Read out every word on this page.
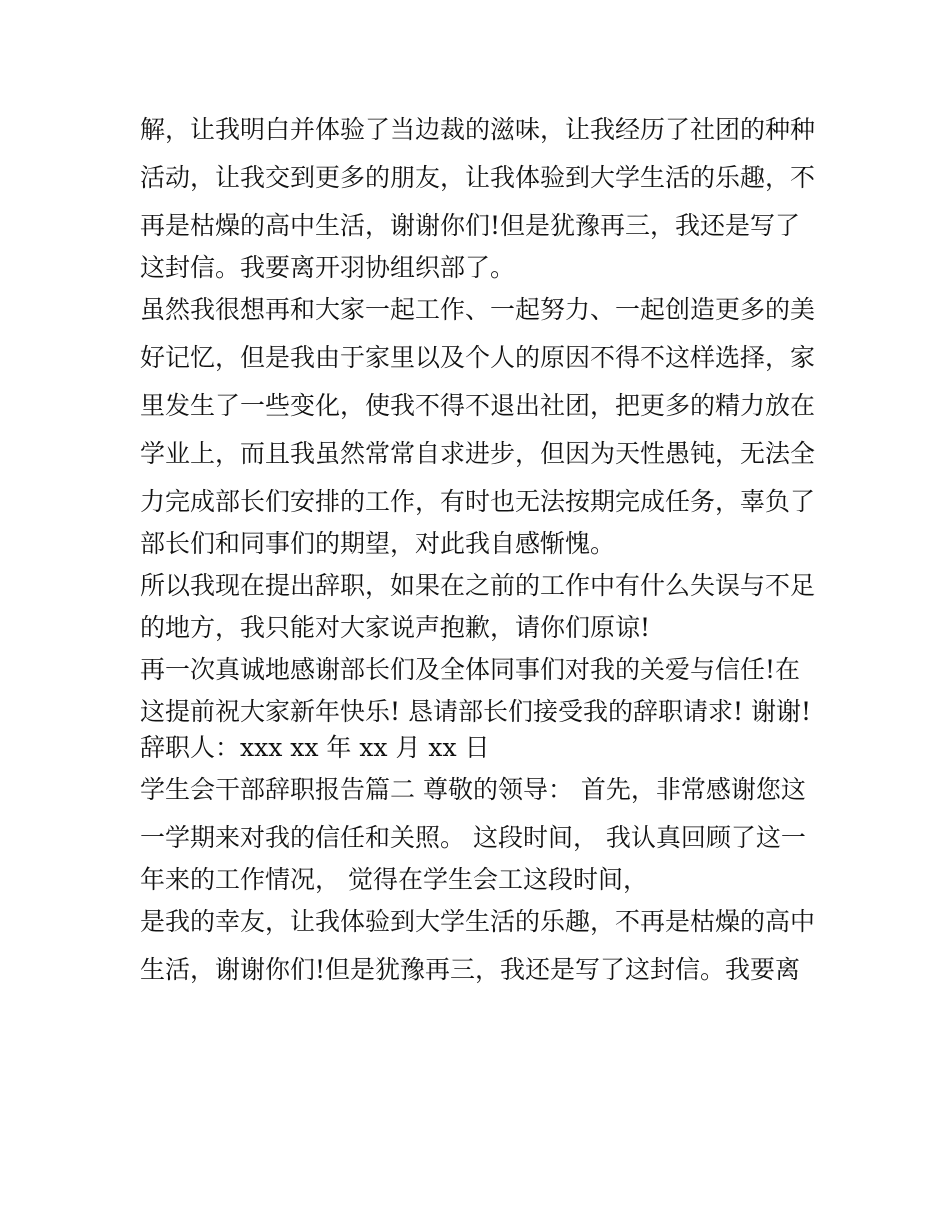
解，让我明白并体验了当边裁的滋味，让我经历了社团的种种
活动，让我交到更多的朋友，让我体验到大学生活的乐趣，不
再是枯燥的高中生活，谢谢你们!但是犹豫再三，我还是写了
这封信。我要离开羽协组织部了。
虽然我很想再和大家一起工作、一起努力、一起创造更多的美
好记忆，但是我由于家里以及个人的原因不得不这样选择，家
里发生了一些变化，使我不得不退出社团，把更多的精力放在
学业上，而且我虽然常常自求进步，但因为天性愚钝，无法全
力完成部长们安排的工作，有时也无法按期完成任务，辜负了
部长们和同事们的期望，对此我自感惭愧。
所以我现在提出辞职，如果在之前的工作中有什么失误与不足
的地方，我只能对大家说声抱歉，请你们原谅!
再一次真诚地感谢部长们及全体同事们对我的关爱与信任!在
这提前祝大家新年快乐! 恳请部长们接受我的辞职请求! 谢谢!
辞职人：xxx xx 年 xx 月 xx 日
学生会干部辞职报告篇二 尊敬的领导： 首先，非常感谢您这
一学期来对我的信任和关照。 这段时间， 我认真回顾了这一
年来的工作情况， 觉得在学生会工这段时间，
是我的幸友，让我体验到大学生活的乐趣，不再是枯燥的高中
生活，谢谢你们!但是犹豫再三，我还是写了这封信。我要离
